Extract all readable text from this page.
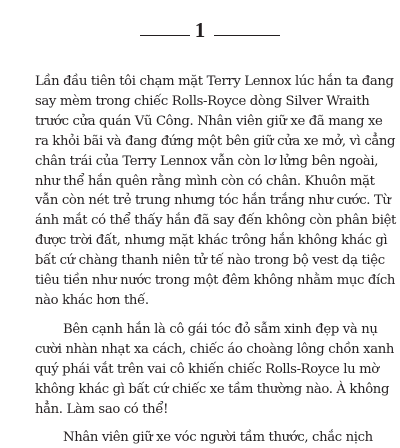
1
Lần đầu tiên tôi chạm mặt Terry Lennox lúc hắn ta đang
say mèm trong chiếc Rolls-Royce dòng Silver Wraith
trước cửa quán Vũ Công. Nhân viên giữ xe đã mang xe
ra khỏi bãi và đang đứng một bên giữ cửa xe mở, vì cẳng
chân trái của Terry Lennox vẫn còn lơ lửng bên ngoài,
như thể hắn quên rằng mình còn có chân. Khuôn mặt
vẫn còn nét trẻ trung nhưng tóc hắn trắng như cước. Từ
ánh mắt có thể thấy hắn đã say đến không còn phân biệt
được trời đất, nhưng mặt khác trông hắn không khác gì
bất cứ chàng thanh niên tử tế nào trong bộ vest dạ tiệc
tiêu tiền như nước trong một đêm không nhằm mục đích
nào khác hơn thế.
Bên cạnh hắn là cô gái tóc đỏ sẫm xinh đẹp và nụ
cười nhàn nhạt xa cách, chiếc áo choàng lông chồn xanh
quý phái vắt trên vai cô khiến chiếc Rolls-Royce lu mờ
không khác gì bất cứ chiếc xe tầm thường nào. À không
hẳn. Làm sao có thể!
Nhân viên giữ xe vóc người tầm thước, chắc nịch
